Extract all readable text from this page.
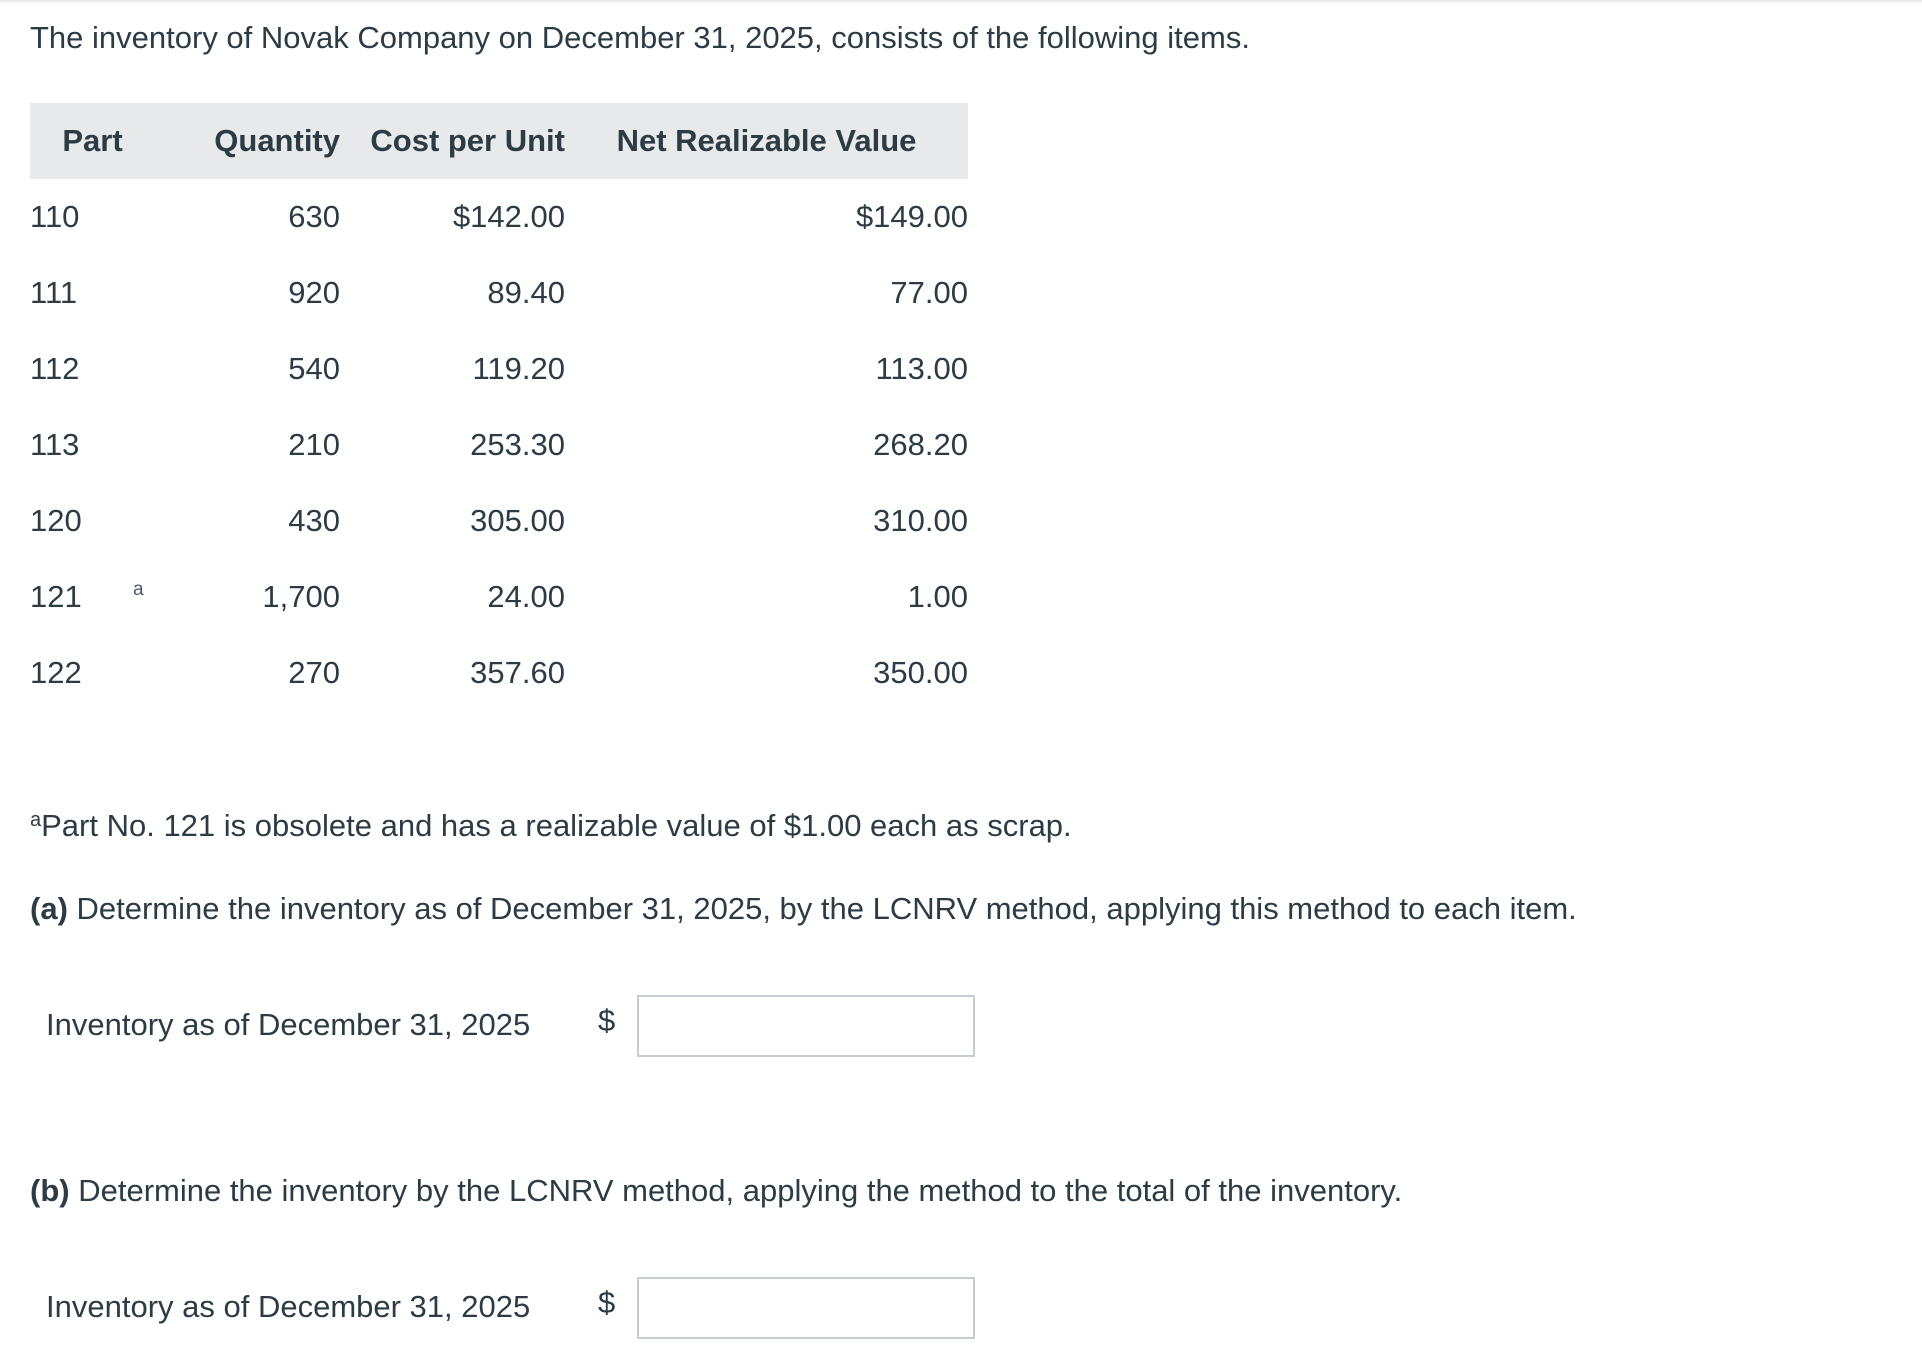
The inventory of Novak Company on December 31, 2025, consists of the following items.
Part	Quantity	Cost per Unit	Net Realizable Value
110	630	$142.00	$149.00
111	920	89.40	77.00
112	540	119.20	113.00
113	210	253.30	268.20
120	430	305.00	310.00
121 a	1,700	24.00	1.00
122	270	357.60	350.00
$^a$Part No. 121 is obsolete and has a realizable value of $1.00 each as scrap.
(a) Determine the inventory as of December 31, 2025, by the LCNRV method, applying this method to each item.
Inventory as of December 31, 2025 $
(b) Determine the inventory by the LCNRV method, applying the method to the total of the inventory.
Inventory as of December 31, 2025 $
